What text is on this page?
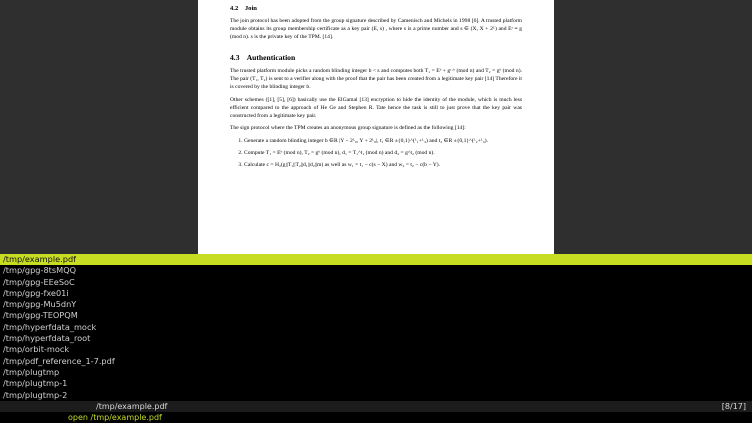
4.2 Join

The join protocol has been adopted from the group signature described by Camenisch and Michels in 1998 [6]. A trusted platform module obtains its group membership certificate as a key pair (E, s) , where s is a prime number and s ∈ (X, X + 2ᴸ) and Eˢ ≡ g (mod n). s is the private key of the TPM. [14].

4.3 Authentication

The trusted platform module picks a random blinding integer b < s and computes both T₁ = Eᵇ + gʳ·ᵇ (mod n) and T₂ = gᵇ (mod n). The pair (T₁, T₂) is sent to a verifier along with the proof that the pair has been created from a legitimate key pair [14] Therefore it is covered by the blinding integer b.

Other schemes ([1], [5], [6]) basically use the ElGamal [13] encryption to hide the identity of the module, which is much less efficient compared to the approach of He Ge and Stephen R. Tate hence the task is still to just prove that the key pair was constructed from a legitimate key pair.

The sign protocol where the TPM creates an anonymous group signature is defined as the following [14]:

1. Generate a random blinding integer b ∈R |Y − 2ᴸ₀, Y + 2ᴸ₀|, t₁ ∈R ±{0,1}^(ᴸ₁+ᴸ₃) and t₂ ∈R ±{0,1}^(ᴸ₂+ᴸ₃).
2. Compute T₁ = Eᵇ (mod n), T₂ = gᵇ (mod n), d₁ = T₁^t₁ (mod n) and d₂ = g^t₂ (mod n).
3. Calculate c = H₂(g||T₁||T₂||d₁||d₂||m) as well as w₁ = t₁ − c(s − X) and w₂ = t₂ − c(b − Y).
/tmp/example.pdf
/tmp/gpg-8tsMQQ
/tmp/gpg-EEeSoC
/tmp/gpg-fxe01i
/tmp/gpg-Mu5dnY
/tmp/gpg-TEOPQM
/tmp/hyperfdata_mock
/tmp/hyperfdata_root
/tmp/orbit-mock
/tmp/pdf_reference_1-7.pdf
/tmp/plugtmp
/tmp/plugtmp-1
/tmp/plugtmp-2
/tmp/example.pdf	[8/17]
open /tmp/example.pdf
